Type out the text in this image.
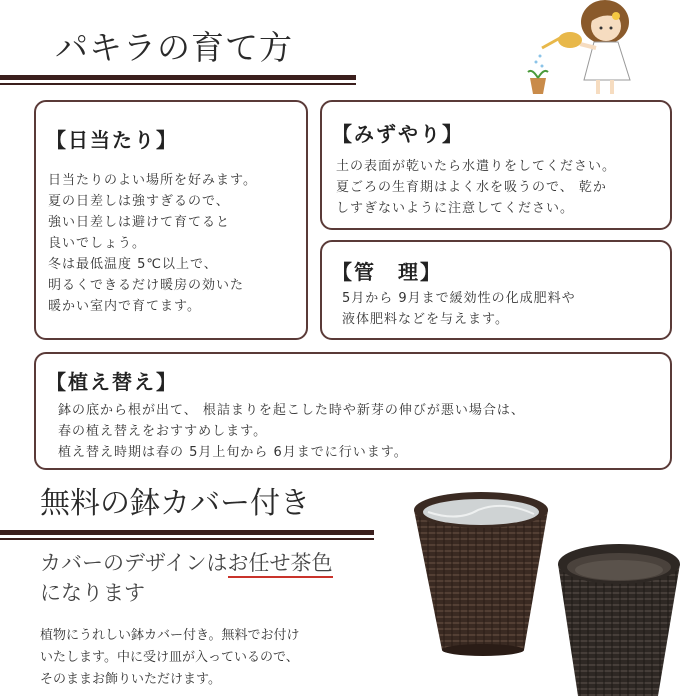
パキラの育て方
【日当たり】
日当たりのよい場所を好みます。
夏の日差しは強すぎるので、
強い日差しは避けて育てると
良いでしょう。
冬は最低温度 5℃以上で、
明るくできるだけ暖房の効いた
暖かい室内で育てます。
【みずやり】
土の表面が乾いたら水遣りをしてください。
夏ごろの生育期はよく水を吸うので、 乾か
しすぎないように注意してください。
【管　理】
5月から 9月まで緩効性の化成肥料や
液体肥料などを与えます。
【植え替え】
鉢の底から根が出て、 根詰まりを起こした時や新芽の伸びが悪い場合は、
春の植え替えをおすすめします。
植え替え時期は春の 5月上旬から 6月までに行います。
無料の鉢カバー付き
カバーのデザインはお任せ茶色
になります
植物にうれしい鉢カバー付き。無料でお付け
いたします。中に受け皿が入っているので、
そのままお飾りいただけます。
